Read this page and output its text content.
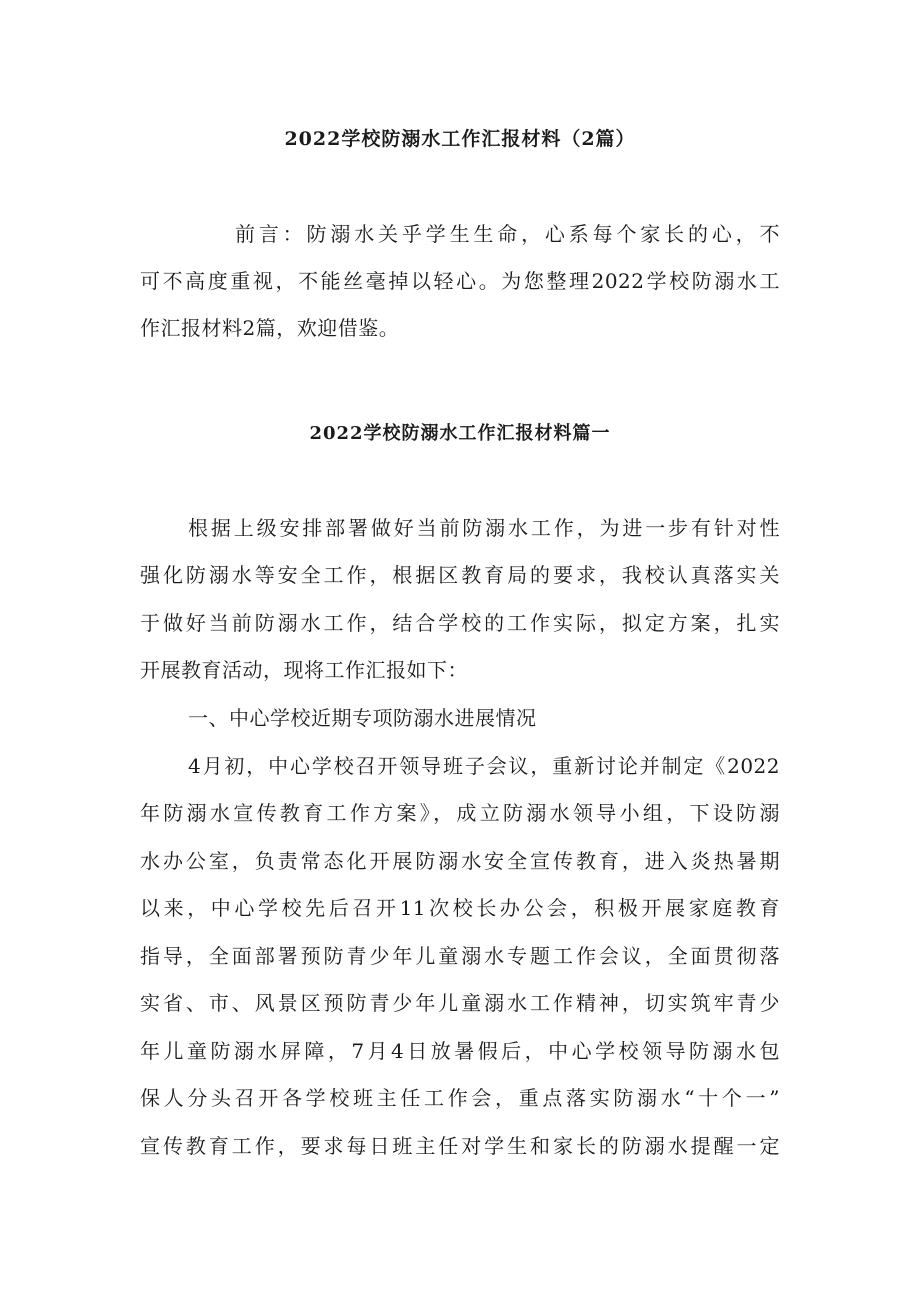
2022学校防溺水工作汇报材料（2篇）
前言：防溺水关乎学生生命，心系每个家长的心，不
可不高度重视，不能丝毫掉以轻心。为您整理2022学校防溺水工
作汇报材料2篇，欢迎借鉴。
2022学校防溺水工作汇报材料篇一
根据上级安排部署做好当前防溺水工作，为进一步有针对性
强化防溺水等安全工作，根据区教育局的要求，我校认真落实关
于做好当前防溺水工作，结合学校的工作实际，拟定方案，扎实
开展教育活动，现将工作汇报如下：
一、中心学校近期专项防溺水进展情况
4月初，中心学校召开领导班子会议，重新讨论并制定《2022
年防溺水宣传教育工作方案》，成立防溺水领导小组，下设防溺
水办公室，负责常态化开展防溺水安全宣传教育，进入炎热暑期
以来，中心学校先后召开11次校长办公会，积极开展家庭教育
指导，全面部署预防青少年儿童溺水专题工作会议，全面贯彻落
实省、市、风景区预防青少年儿童溺水工作精神，切实筑牢青少
年儿童防溺水屏障，7月4日放暑假后，中心学校领导防溺水包
保人分头召开各学校班主任工作会，重点落实防溺水“十个一”
宣传教育工作，要求每日班主任对学生和家长的防溺水提醒一定
